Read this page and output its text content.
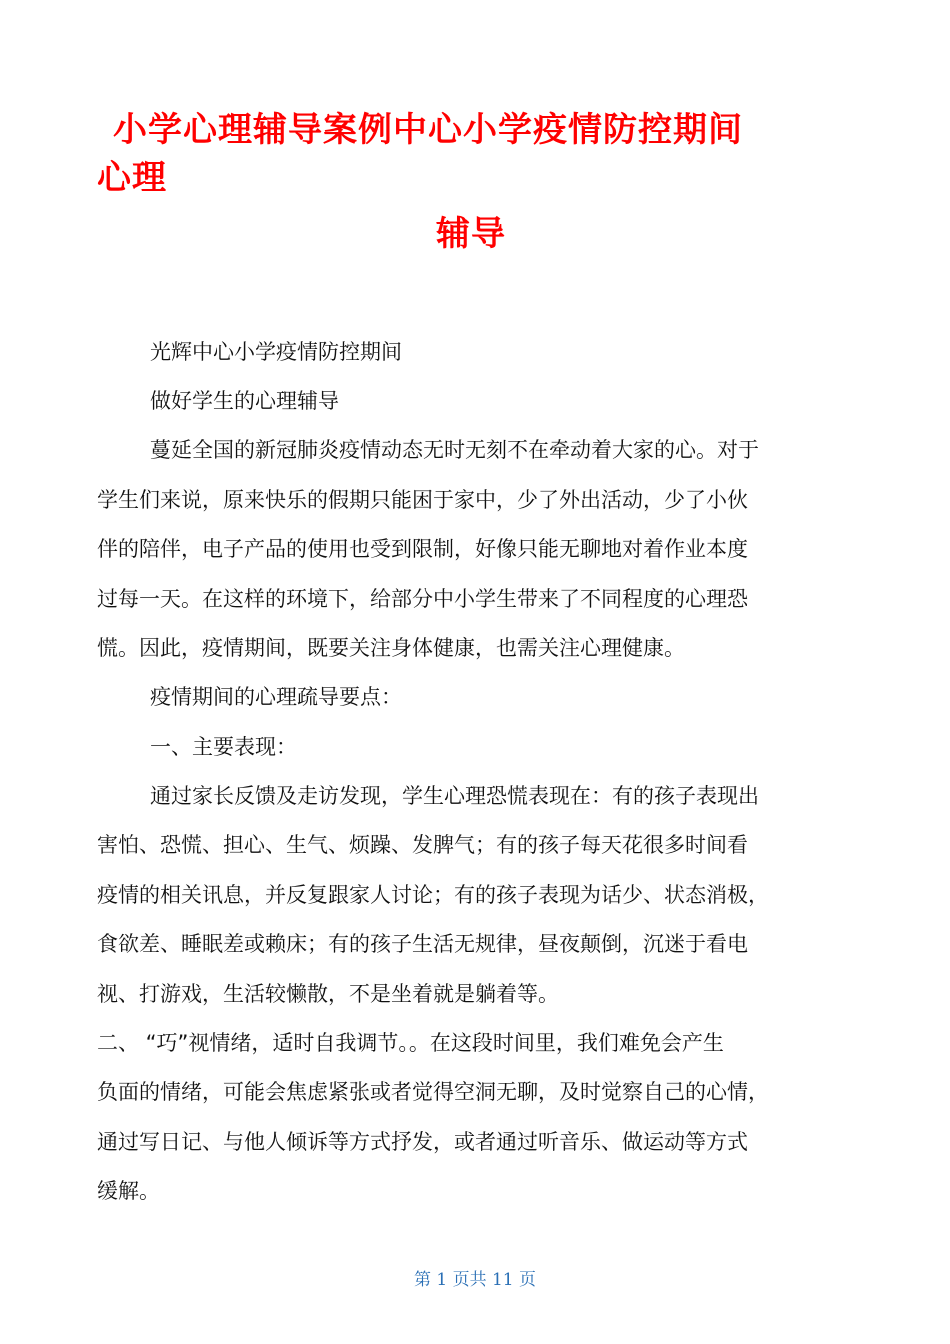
小学心理辅导案例中心小学疫情防控期间
心理
辅导
光辉中心小学疫情防控期间
做好学生的心理辅导
蔓延全国的新冠肺炎疫情动态无时无刻不在牵动着大家的心。对于
学生们来说，原来快乐的假期只能困于家中，少了外出活动，少了小伙
伴的陪伴，电子产品的使用也受到限制，好像只能无聊地对着作业本度
过每一天。在这样的环境下，给部分中小学生带来了不同程度的心理恐
慌。因此，疫情期间，既要关注身体健康，也需关注心理健康。
疫情期间的心理疏导要点：
一、主要表现：
通过家长反馈及走访发现，学生心理恐慌表现在：有的孩子表现出
害怕、恐慌、担心、生气、烦躁、发脾气；有的孩子每天花很多时间看
疫情的相关讯息，并反复跟家人讨论；有的孩子表现为话少、状态消极，
食欲差、睡眠差或赖床；有的孩子生活无规律，昼夜颠倒，沉迷于看电
视、打游戏，生活较懒散，不是坐着就是躺着等。
二、 “巧”视情绪，适时自我调节。。在这段时间里，我们难免会产生
负面的情绪，可能会焦虑紧张或者觉得空洞无聊，及时觉察自己的心情，
通过写日记、与他人倾诉等方式抒发，或者通过听音乐、做运动等方式
缓解。
第 1 页共 11 页
